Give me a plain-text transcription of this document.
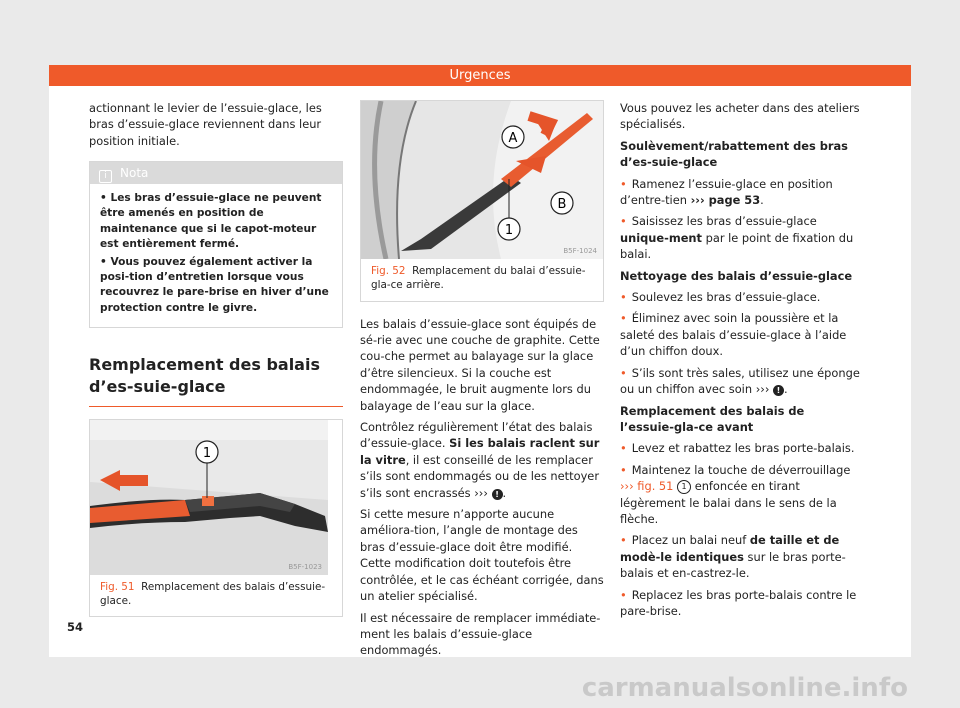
Urgences

actionnant le levier de l’essuie-glace, les bras d’essuie-glace reviennent dans leur position initiale.

i Nota

• Les bras d’essuie-glace ne peuvent être amenés en position de maintenance que si le capot-moteur est entièrement fermé.

• Vous pouvez également activer la posi-tion d’entretien lorsque vous recouvrez le pare-brise en hiver d’une protection contre le givre.

Remplacement des balais d’es-suie-glace
1
B5F-1023
Fig. 51 Remplacement des balais d’essuie-glace.
A
B
1
B5F-1024
Fig. 52 Remplacement du balai d’essuie-gla-ce arrière.

Les balais d’essuie-glace sont équipés de sé-rie avec une couche de graphite. Cette cou-che permet au balayage sur la glace d’être silencieux. Si la couche est endommagée, le bruit augmente lors du balayage de l’eau sur la glace.

Contrôlez régulièrement l’état des balais d’essuie-glace. Si les balais raclent sur la vitre, il est conseillé de les remplacer s’ils sont endommagés ou de les nettoyer s’ils sont encrassés ››› ! .

Si cette mesure n’apporte aucune améliora-tion, l’angle de montage des bras d’essuie-glace doit être modifié. Cette modification doit toutefois être contrôlée, et le cas échéant corrigée, dans un atelier spécialisé.

Il est nécessaire de remplacer immédiate-ment les balais d’essuie-glace endommagés.

Vous pouvez les acheter dans des ateliers spécialisés.

Soulèvement/rabattement des bras d’es-suie-glace

• Ramenez l’essuie-glace en position d’entre-tien ››› page 53.

• Saisissez les bras d’essuie-glace unique-ment par le point de fixation du balai.

Nettoyage des balais d’essuie-glace

• Soulevez les bras d’essuie-glace.

• Éliminez avec soin la poussière et la saleté des balais d’essuie-glace à l’aide d’un chiffon doux.

• S’ils sont très sales, utilisez une éponge ou un chiffon avec soin ››› ! .

Remplacement des balais de l’essuie-gla-ce avant

• Levez et rabattez les bras porte-balais.

• Maintenez la touche de déverrouillage ››› fig. 51 1 enfoncée en tirant légèrement le balai dans le sens de la flèche.

• Placez un balai neuf de taille et de modè-le identiques sur le bras porte-balais et en-castrez-le.

• Replacez les bras porte-balais contre le pare-brise.

54
carmanualsonline.info
